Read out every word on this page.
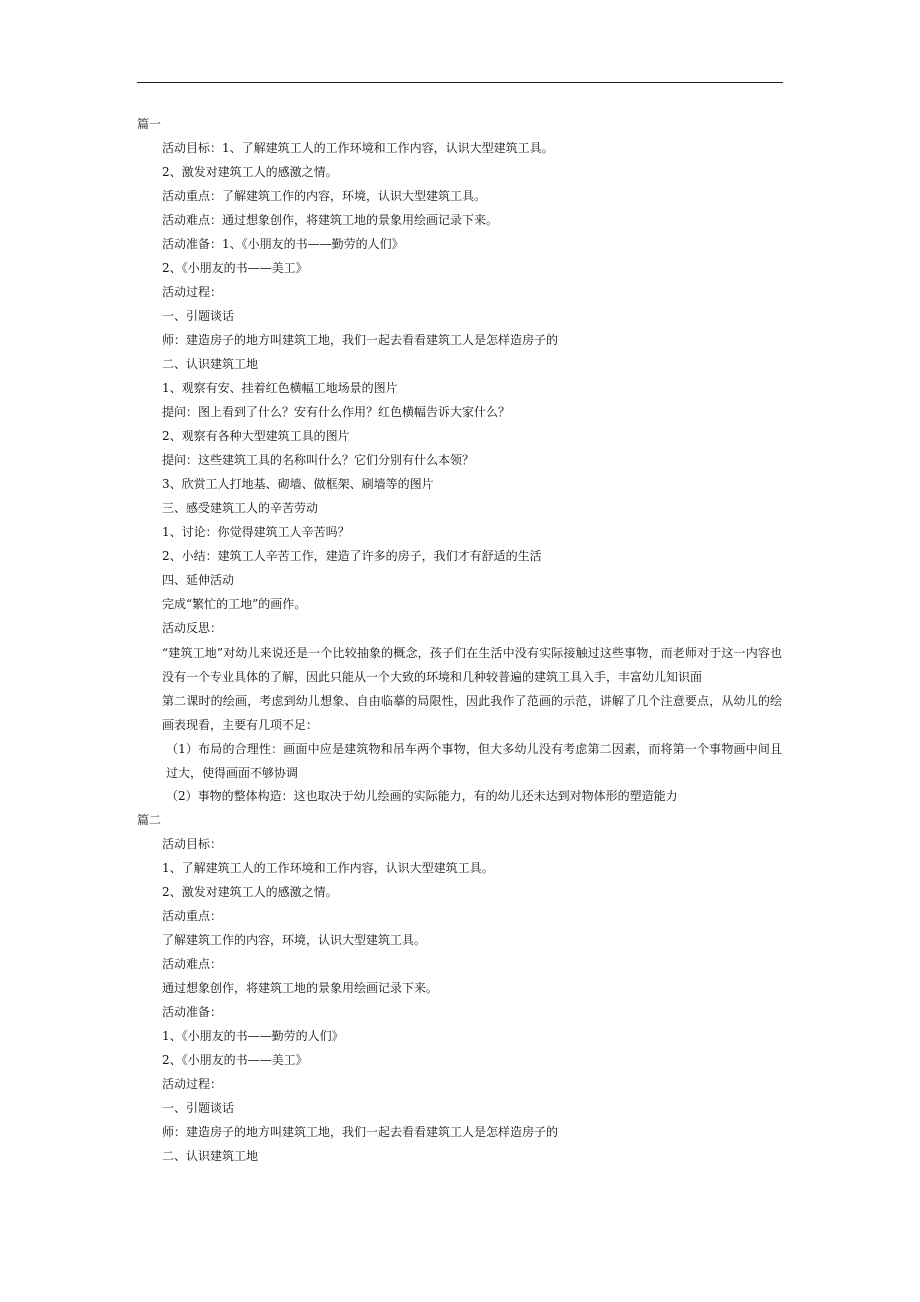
篇一
活动目标：1、了解建筑工人的工作环境和工作内容，认识大型建筑工具。
2、激发对建筑工人的感激之情。
活动重点：了解建筑工作的内容，环境，认识大型建筑工具。
活动难点：通过想象创作，将建筑工地的景象用绘画记录下来。
活动准备：1、《小朋友的书——勤劳的人们》
2、《小朋友的书——美工》
活动过程：
一、引题谈话
师：建造房子的地方叫建筑工地，我们一起去看看建筑工人是怎样造房子的
二、认识建筑工地
1、观察有安、挂着红色横幅工地场景的图片
提问：图上看到了什么？安有什么作用？红色横幅告诉大家什么？
2、观察有各种大型建筑工具的图片
提问：这些建筑工具的名称叫什么？它们分别有什么本领？
3、欣赏工人打地基、砌墙、做框架、刷墙等的图片
三、感受建筑工人的辛苦劳动
1、讨论：你觉得建筑工人辛苦吗？
2、小结：建筑工人辛苦工作，建造了许多的房子，我们才有舒适的生活
四、延伸活动
完成“繁忙的工地”的画作。
活动反思：
“建筑工地”对幼儿来说还是一个比较抽象的概念，孩子们在生活中没有实际接触过这些事物，而老师对于这一内容也没有一个专业具体的了解，因此只能从一个大致的环境和几种较普遍的建筑工具入手，丰富幼儿知识面
第二课时的绘画，考虑到幼儿想象、自由临摹的局限性，因此我作了范画的示范，讲解了几个注意要点，从幼儿的绘画表现看，主要有几项不足：
（1）布局的合理性：画面中应是建筑物和吊车两个事物，但大多幼儿没有考虑第二因素，而将第一个事物画中间且过大，使得画面不够协调
（2）事物的整体构造：这也取决于幼儿绘画的实际能力，有的幼儿还未达到对物体形的塑造能力
篇二
活动目标：
1、了解建筑工人的工作环境和工作内容，认识大型建筑工具。
2、激发对建筑工人的感激之情。
活动重点：
了解建筑工作的内容，环境，认识大型建筑工具。
活动难点：
通过想象创作，将建筑工地的景象用绘画记录下来。
活动准备：
1、《小朋友的书——勤劳的人们》
2、《小朋友的书——美工》
活动过程：
一、引题谈话
师：建造房子的地方叫建筑工地，我们一起去看看建筑工人是怎样造房子的
二、认识建筑工地
